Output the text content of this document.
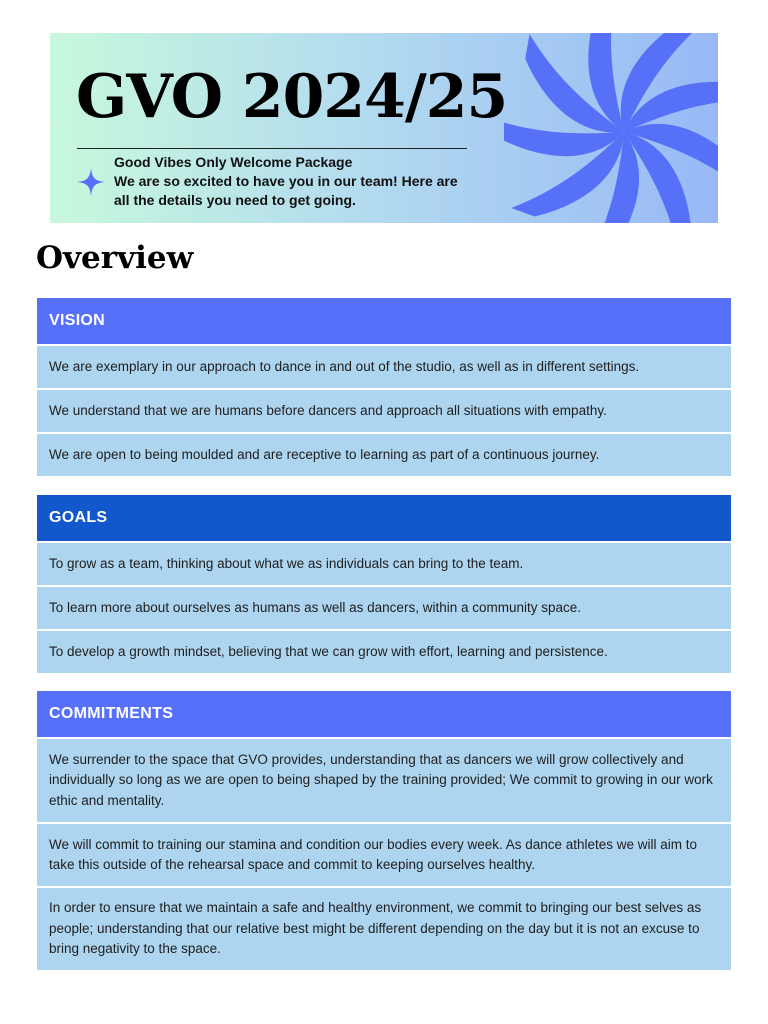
GVO 2024/25
Good Vibes Only Welcome Package
We are so excited to have you in our team! Here are all the details you need to get going.
Overview
VISION
We are exemplary in our approach to dance in and out of the studio, as well as in different settings.
We understand that we are humans before dancers and approach all situations with empathy.
We are open to being moulded and are receptive to learning as part of a continuous journey.
GOALS
To grow as a team, thinking about what we as individuals can bring to the team.
To learn more about ourselves as humans as well as dancers, within a community space.
To develop a growth mindset, believing that we can grow with effort, learning and persistence.
COMMITMENTS
We surrender to the space that GVO provides, understanding that as dancers we will grow collectively and individually so long as we are open to being shaped by the training provided; We commit to growing in our work ethic and mentality.
We will commit to training our stamina and condition our bodies every week. As dance athletes we will aim to take this outside of the rehearsal space and commit to keeping ourselves healthy.
In order to ensure that we maintain a safe and healthy environment, we commit to bringing our best selves as people; understanding that our relative best might be different depending on the day but it is not an excuse to bring negativity to the space.
